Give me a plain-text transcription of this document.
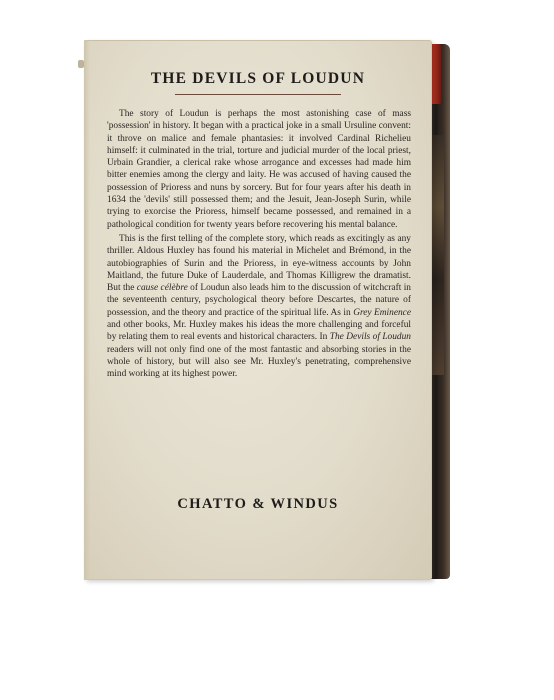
THE DEVILS OF LOUDUN

The story of Loudun is perhaps the most astonishing case of mass 'possession' in history. It began with a practical joke in a small Ursuline convent: it throve on malice and female phantasies: it involved Cardinal Richelieu himself: it culminated in the trial, torture and judicial murder of the local priest, Urbain Grandier, a clerical rake whose arrogance and excesses had made him bitter enemies among the clergy and laity. He was accused of having caused the possession of Prioress and nuns by sorcery. But for four years after his death in 1634 the 'devils' still possessed them; and the Jesuit, Jean-Joseph Surin, while trying to exorcise the Prioress, himself became possessed, and remained in a pathological condition for twenty years before recovering his mental balance.

This is the first telling of the complete story, which reads as excitingly as any thriller. Aldous Huxley has found his material in Michelet and Brémond, in the autobiographies of Surin and the Prioress, in eye-witness accounts by John Maitland, the future Duke of Lauderdale, and Thomas Killigrew the dramatist. But the cause célèbre of Loudun also leads him to the discussion of witchcraft in the seventeenth century, psychological theory before Descartes, the nature of possession, and the theory and practice of the spiritual life. As in Grey Eminence and other books, Mr. Huxley makes his ideas the more challenging and forceful by relating them to real events and historical characters. In The Devils of Loudun readers will not only find one of the most fantastic and absorbing stories in the whole of history, but will also see Mr. Huxley's penetrating, comprehensive mind working at its highest power.

CHATTO & WINDUS
